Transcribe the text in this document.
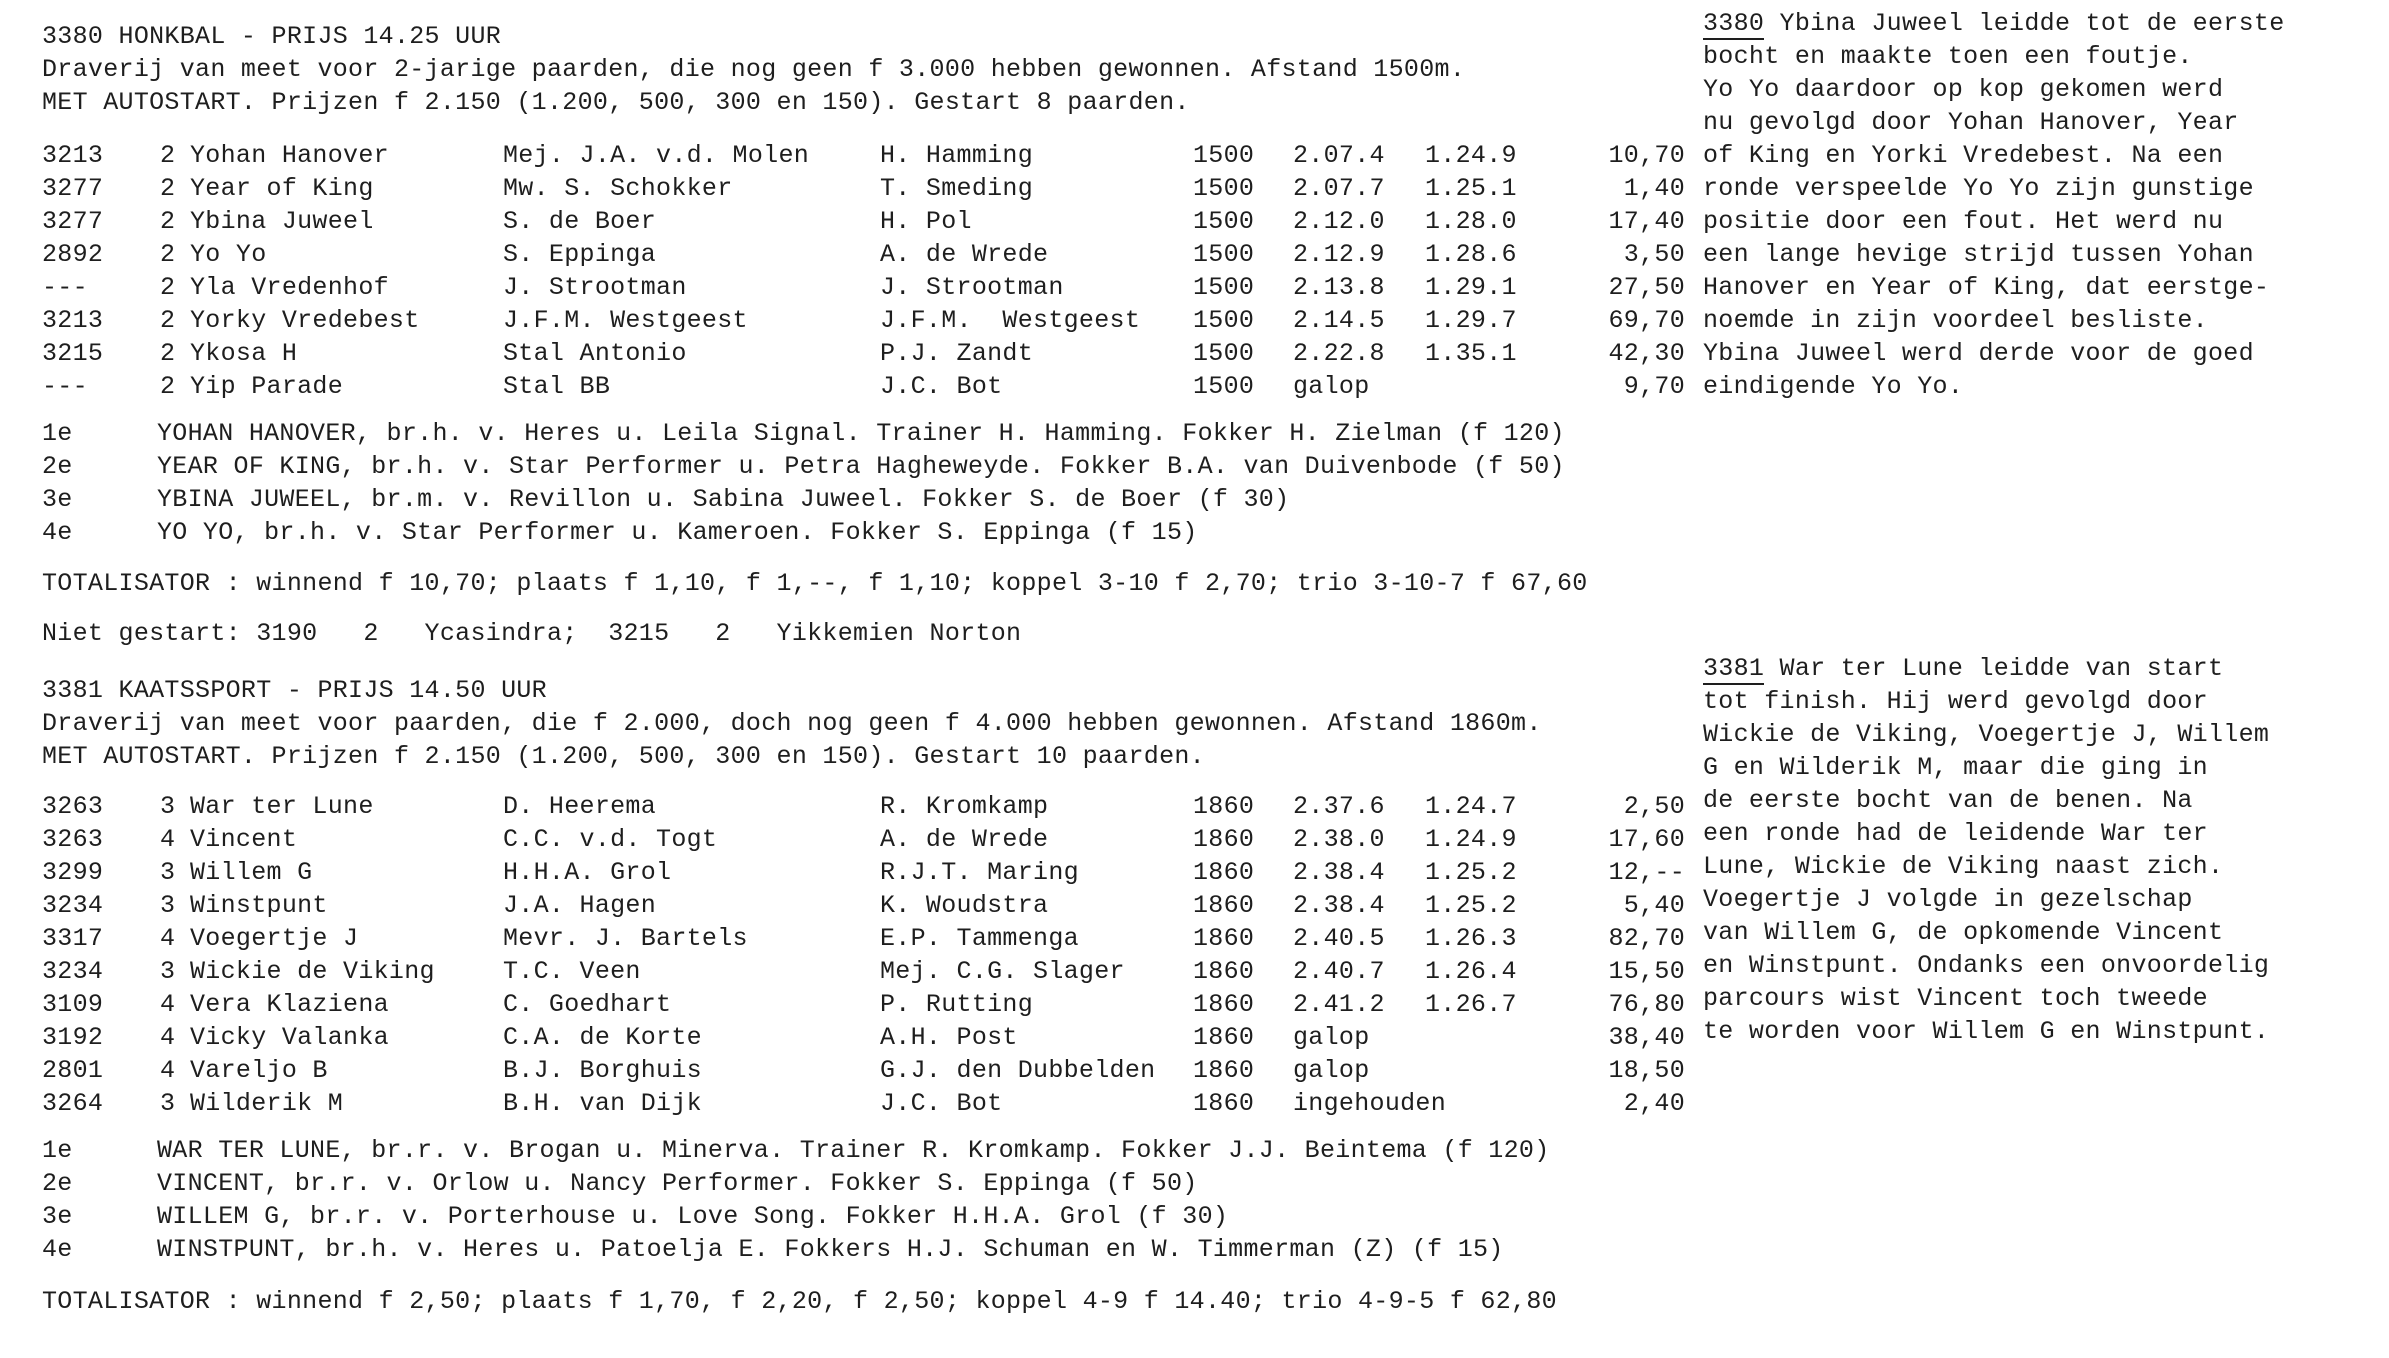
3380 HONKBAL - PRIJS 14.25 UUR
Draverij van meet voor 2-jarige paarden, die nog geen f 3.000 hebben gewonnen. Afstand 1500m.
MET AUTOSTART. Prijzen f 2.150 (1.200, 500, 300 en 150). Gestart 8 paarden.
3213 2 Yohan Hanover	Mej. J.A. v.d. Molen	H. Hamming	1500 2.07.4 1.24.9	10,70
3277 2 Year of King	Mw. S. Schokker	T. Smeding	1500 2.07.7 1.25.1	1,40
3277 2 Ybina Juweel	S. de Boer	H. Pol	1500 2.12.0 1.28.0	17,40
2892 2 Yo Yo	S. Eppinga	A. de Wrede	1500 2.12.9 1.28.6	3,50
---	2 Yla Vredenhof	J. Strootman	J. Strootman	1500 2.13.8 1.29.1	27,50
3213 2 Yorky Vredebest	J.F.M. Westgeest	J.F.M.  Westgeest 1500 2.14.5 1.29.7	69,70
3215 2 Ykosa H	Stal Antonio	P.J. Zandt	1500 2.22.8 1.35.1	42,30
---	2 Yip Parade	Stal BB	J.C. Bot	1500 galop	9,70
1e	YOHAN HANOVER, br.h. v. Heres u. Leila Signal. Trainer H. Hamming. Fokker H. Zielman (f 120)
2e	YEAR OF KING, br.h. v. Star Performer u. Petra Hagheweyde. Fokker B.A. van Duivenbode (f 50)
3e	YBINA JUWEEL, br.m. v. Revillon u. Sabina Juweel. Fokker S. de Boer (f 30)
4e	YO YO, br.h. v. Star Performer u. Kameroen. Fokker S. Eppinga (f 15)
TOTALISATOR : winnend f 10,70; plaats f 1,10, f 1,--, f 1,10; koppel 3-10 f 2,70; trio 3-10-7 f 67,60
Niet gestart: 3190   2   Ycasindra;  3215   2   Yikkemien Norton
3380 Ybina Juweel leidde tot de eerste
bocht en maakte toen een foutje.
Yo Yo daardoor op kop gekomen werd
nu gevolgd door Yohan Hanover, Year
of King en Yorki Vredebest. Na een
ronde verspeelde Yo Yo zijn gunstige
positie door een fout. Het werd nu
een lange hevige strijd tussen Yohan
Hanover en Year of King, dat eerstge-
noemde in zijn voordeel besliste.
Ybina Juweel werd derde voor de goed
eindigende Yo Yo.
3381 KAATSSPORT - PRIJS 14.50 UUR
Draverij van meet voor paarden, die f 2.000, doch nog geen f 4.000 hebben gewonnen. Afstand 1860m.
MET AUTOSTART. Prijzen f 2.150 (1.200, 500, 300 en 150). Gestart 10 paarden.
3263 3 War ter Lune	D. Heerema	R. Kromkamp	1860 2.37.6 1.24.7	2,50
3263 4 Vincent	C.C. v.d. Togt	A. de Wrede	1860 2.38.0 1.24.9	17,60
3299 3 Willem G	H.H.A. Grol	R.J.T. Maring	1860 2.38.4 1.25.2	12,--
3234 3 Winstpunt	J.A. Hagen	K. Woudstra	1860 2.38.4 1.25.2	5,40
3317 4 Voegertje J	Mevr. J. Bartels	E.P. Tammenga	1860 2.40.5 1.26.3	82,70
3234 3 Wickie de Viking	T.C. Veen	Mej. C.G. Slager	1860 2.40.7 1.26.4	15,50
3109 4 Vera Klaziena	C. Goedhart	P. Rutting	1860 2.41.2 1.26.7	76,80
3192 4 Vicky Valanka	C.A. de Korte	A.H. Post	1860 galop	38,40
2801 4 Vareljo B	B.J. Borghuis	G.J. den Dubbelden 1860 galop	18,50
3264 3 Wilderik M	B.H. van Dijk	J.C. Bot	1860 ingehouden	2,40
1e	WAR TER LUNE, br.r. v. Brogan u. Minerva. Trainer R. Kromkamp. Fokker J.J. Beintema (f 120)
2e	VINCENT, br.r. v. Orlow u. Nancy Performer. Fokker S. Eppinga (f 50)
3e	WILLEM G, br.r. v. Porterhouse u. Love Song. Fokker H.H.A. Grol (f 30)
4e	WINSTPUNT, br.h. v. Heres u. Patoelja E. Fokkers H.J. Schuman en W. Timmerman (Z) (f 15)
TOTALISATOR : winnend f 2,50; plaats f 1,70, f 2,20, f 2,50; koppel 4-9 f 14.40; trio 4-9-5 f 62,80
3381 War ter Lune leidde van start
tot finish. Hij werd gevolgd door
Wickie de Viking, Voegertje J, Willem
G en Wilderik M, maar die ging in
de eerste bocht van de benen. Na
een ronde had de leidende War ter
Lune, Wickie de Viking naast zich.
Voegertje J volgde in gezelschap
van Willem G, de opkomende Vincent
en Winstpunt. Ondanks een onvoordelig
parcours wist Vincent toch tweede
te worden voor Willem G en Winstpunt.
